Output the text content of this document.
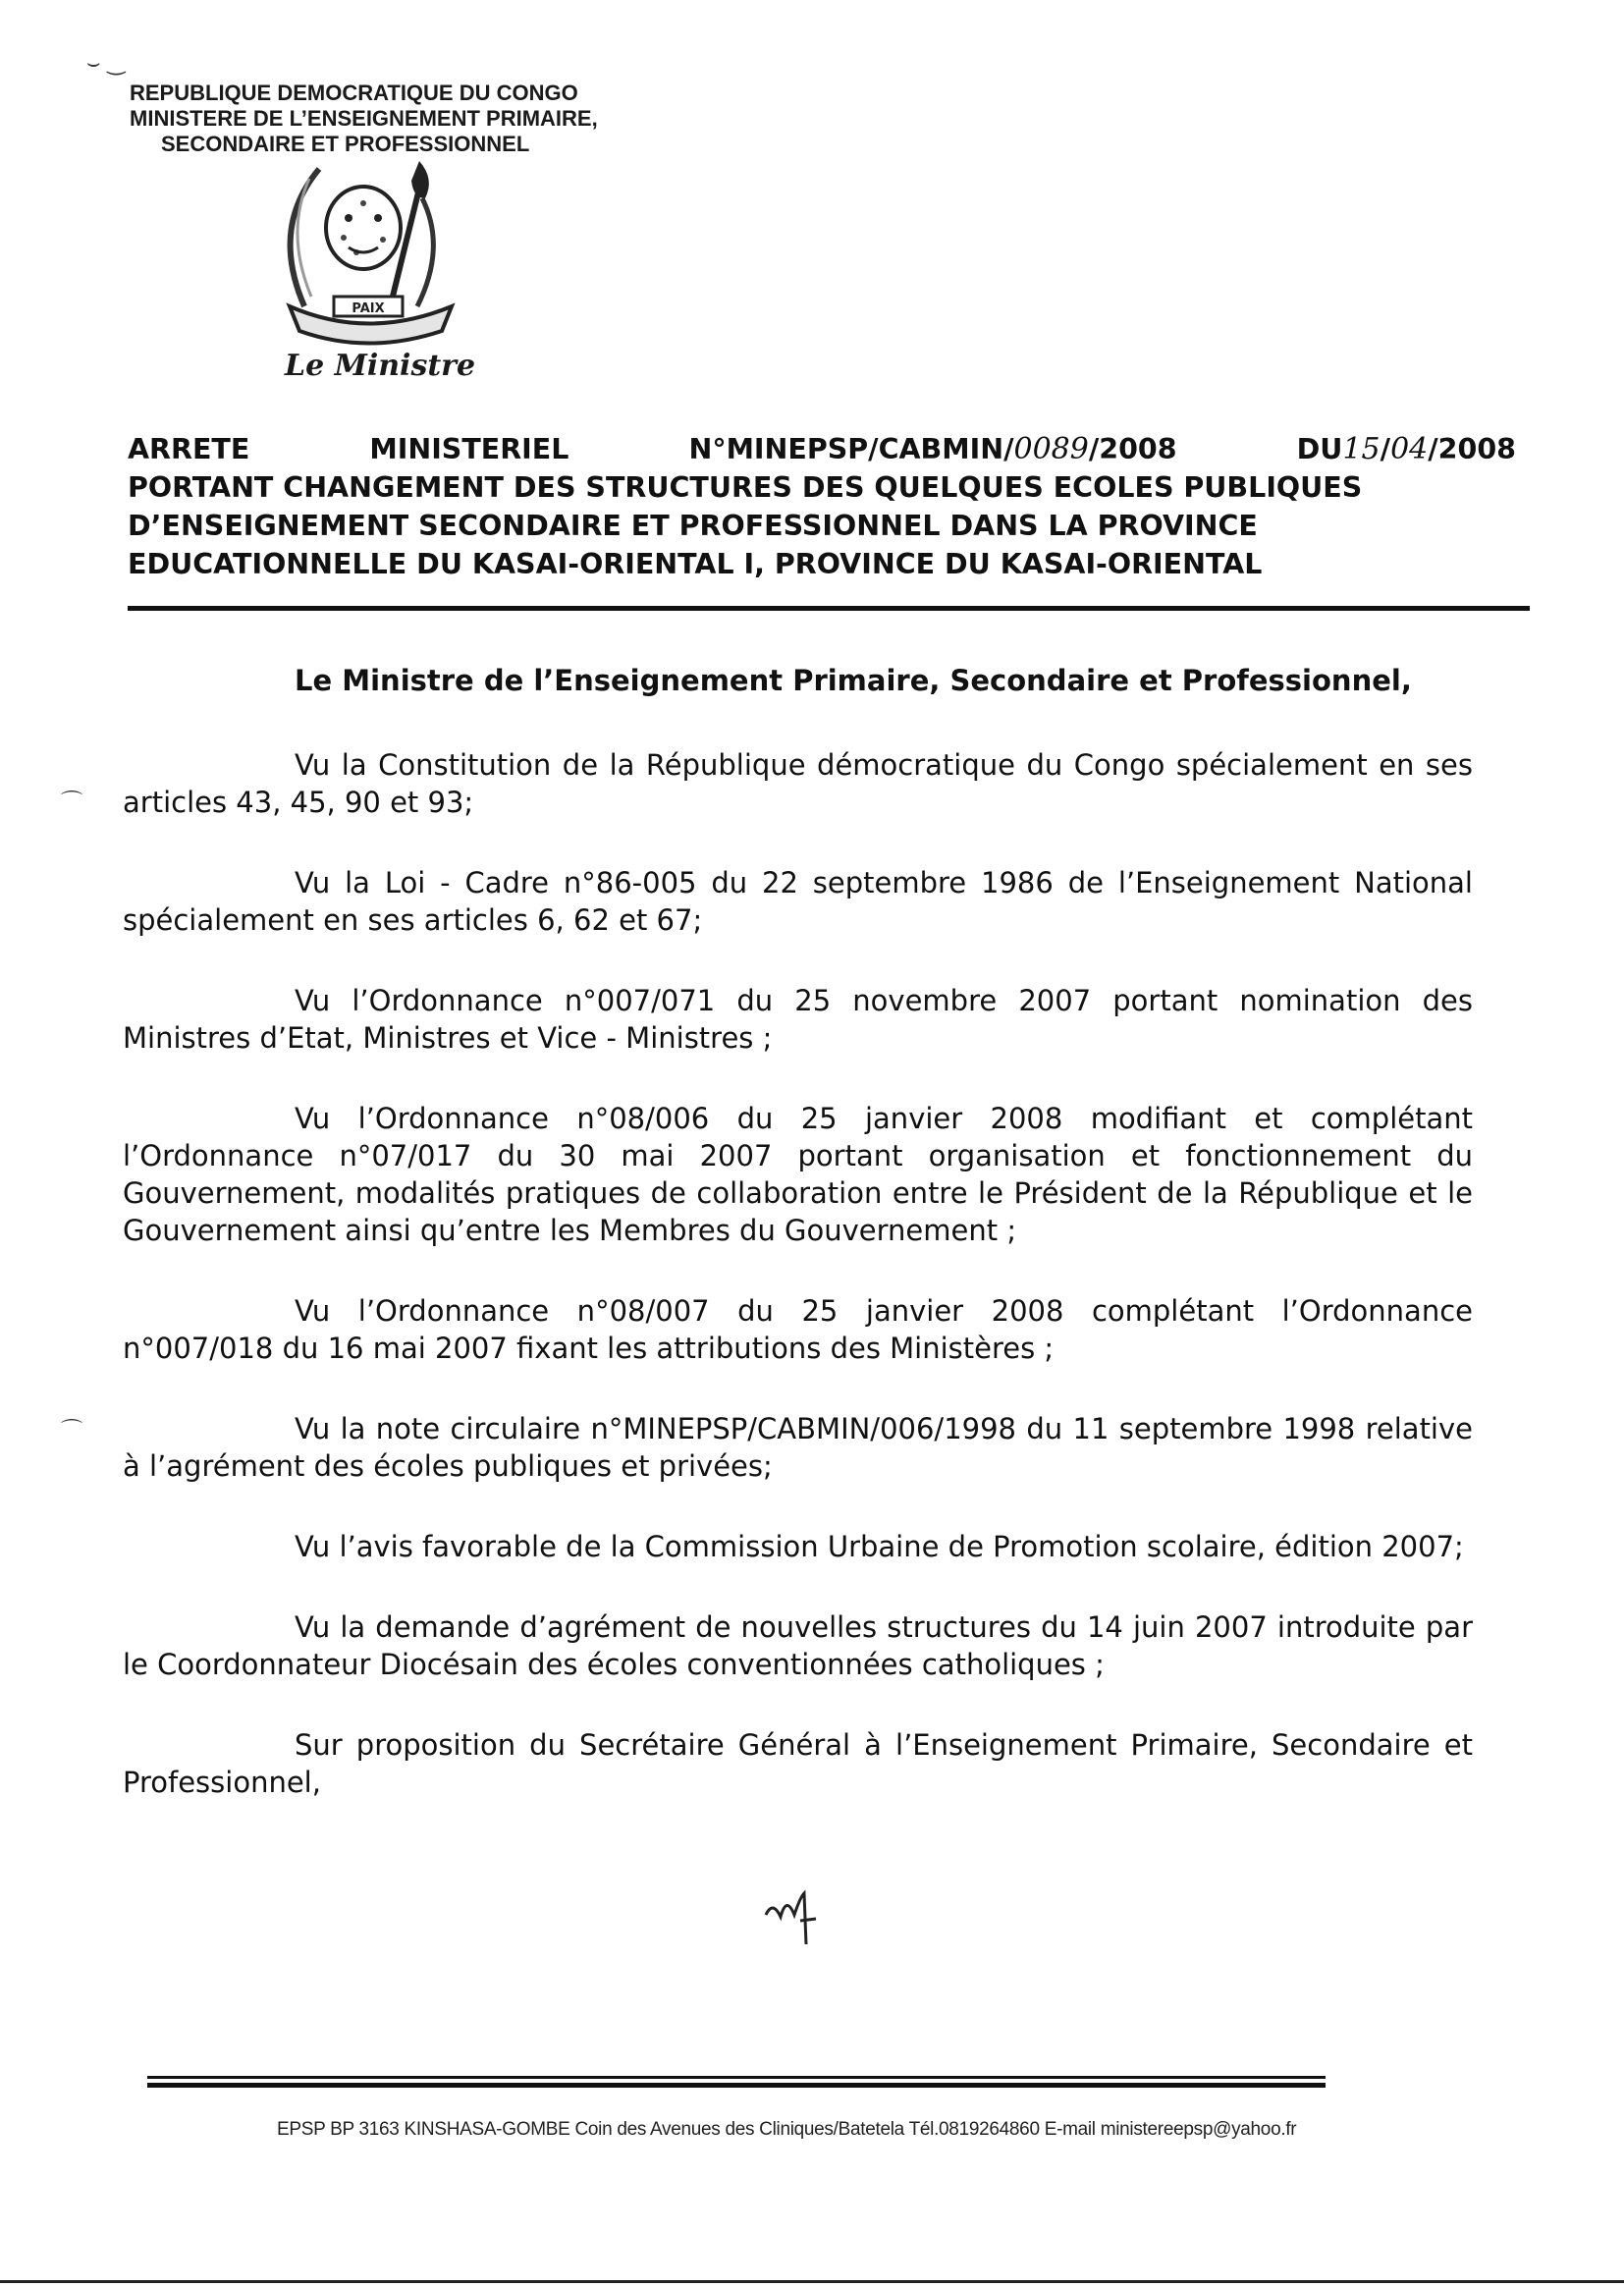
⌣ ‿
⌒
⌒
REPUBLIQUE DEMOCRATIQUE DU CONGO
MINISTERE DE L’ENSEIGNEMENT PRIMAIRE,
SECONDAIRE ET PROFESSIONNEL
PAIX
Le Ministre
ARRETE	MINISTERIEL	N°MINEPSP/CABMIN/0089/2008	DU15/04/2008
PORTANT CHANGEMENT DES STRUCTURES DES QUELQUES ECOLES PUBLIQUES
D’ENSEIGNEMENT SECONDAIRE ET PROFESSIONNEL DANS LA PROVINCE
EDUCATIONNELLE DU KASAI-ORIENTAL I, PROVINCE DU KASAI-ORIENTAL
Le Ministre de l’Enseignement Primaire, Secondaire et Professionnel,

Vu la Constitution de la République démocratique du Congo spécialement en ses articles 43, 45, 90 et 93;

Vu la Loi - Cadre n°86-005 du 22 septembre 1986 de l’Enseignement National spécialement en ses articles 6, 62 et 67;

Vu l’Ordonnance n°007/071 du 25 novembre 2007 portant nomination des Ministres d’Etat, Ministres et Vice - Ministres ;

Vu l’Ordonnance n°08/006 du 25 janvier 2008 modifiant et complétant l’Ordonnance n°07/017 du 30 mai 2007 portant organisation et fonctionnement du Gouvernement, modalités pratiques de collaboration entre le Président de la République et le Gouvernement ainsi qu’entre les Membres du Gouvernement ;

Vu l’Ordonnance n°08/007 du 25 janvier 2008 complétant l’Ordonnance n°007/018 du 16 mai 2007 fixant les attributions des Ministères ;

Vu la note circulaire n°MINEPSP/CABMIN/006/1998 du 11 septembre 1998 relative à l’agrément des écoles publiques et privées;

Vu l’avis favorable de la Commission Urbaine de Promotion scolaire, édition 2007;

Vu la demande d’agrément de nouvelles structures du 14 juin 2007 introduite par le Coordonnateur Diocésain des écoles conventionnées catholiques ;

Sur proposition du Secrétaire Général à l’Enseignement Primaire, Secondaire et Professionnel,

EPSP BP 3163 KINSHASA-GOMBE Coin des Avenues des Cliniques/Batetela Tél.0819264860 E-mail ministereepsp@yahoo.fr
